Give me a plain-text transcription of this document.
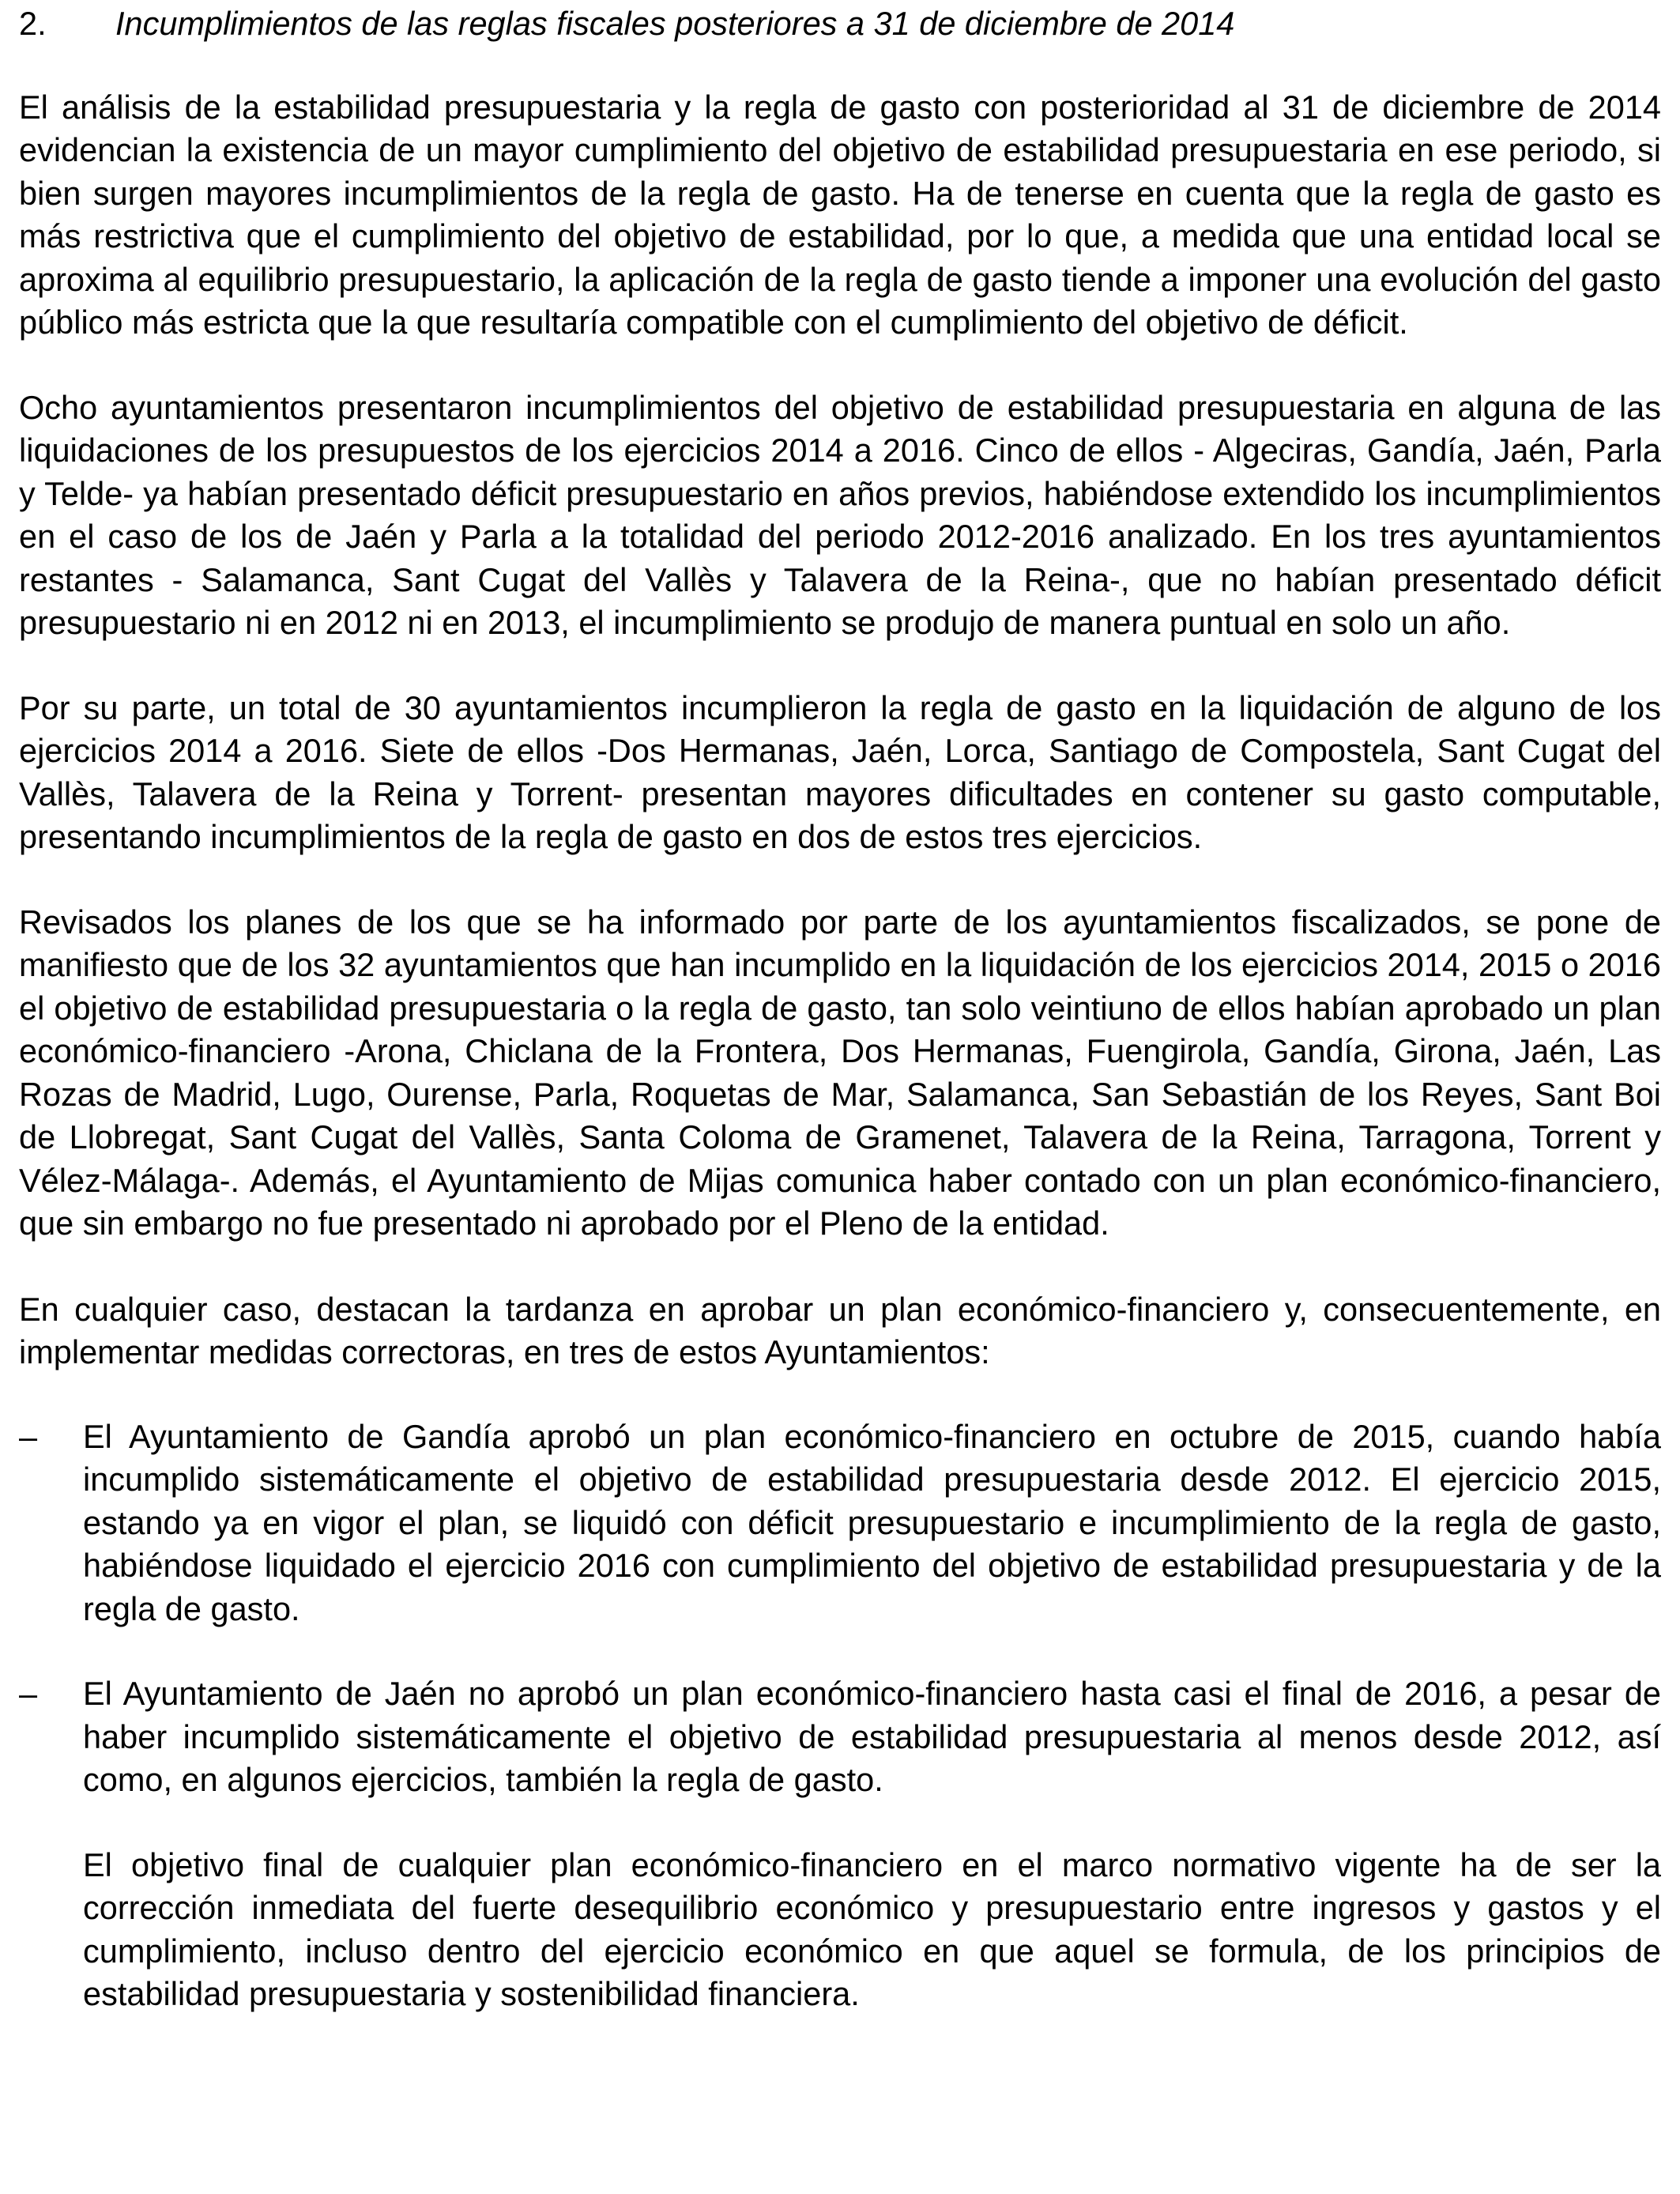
2.	Incumplimientos de las reglas fiscales posteriores a 31 de diciembre de 2014

El análisis de la estabilidad presupuestaria y la regla de gasto con posterioridad al 31 de diciembre de 2014 evidencian la existencia de un mayor cumplimiento del objetivo de estabilidad presupuestaria en ese periodo, si bien surgen mayores incumplimientos de la regla de gasto. Ha de tenerse en cuenta que la regla de gasto es más restrictiva que el cumplimiento del objetivo de estabilidad, por lo que, a medida que una entidad local se aproxima al equilibrio presupuestario, la aplicación de la regla de gasto tiende a imponer una evolución del gasto público más estricta que la que resultaría compatible con el cumplimiento del objetivo de déficit.

Ocho ayuntamientos presentaron incumplimientos del objetivo de estabilidad presupuestaria en alguna de las liquidaciones de los presupuestos de los ejercicios 2014 a 2016. Cinco de ellos - Algeciras, Gandía, Jaén, Parla y Telde- ya habían presentado déficit presupuestario en años previos, habiéndose extendido los incumplimientos en el caso de los de Jaén y Parla a la totalidad del periodo 2012-2016 analizado. En los tres ayuntamientos restantes - Salamanca, Sant Cugat del Vallès y Talavera de la Reina-, que no habían presentado déficit presupuestario ni en 2012 ni en 2013, el incumplimiento se produjo de manera puntual en solo un año.

Por su parte, un total de 30 ayuntamientos incumplieron la regla de gasto en la liquidación de alguno de los ejercicios 2014 a 2016. Siete de ellos -Dos Hermanas, Jaén, Lorca, Santiago de Compostela, Sant Cugat del Vallès, Talavera de la Reina y Torrent- presentan mayores dificultades en contener su gasto computable, presentando incumplimientos de la regla de gasto en dos de estos tres ejercicios.

Revisados los planes de los que se ha informado por parte de los ayuntamientos fiscalizados, se pone de manifiesto que de los 32 ayuntamientos que han incumplido en la liquidación de los ejercicios 2014, 2015 o 2016 el objetivo de estabilidad presupuestaria o la regla de gasto, tan solo veintiuno de ellos habían aprobado un plan económico-financiero -Arona, Chiclana de la Frontera, Dos Hermanas, Fuengirola, Gandía, Girona, Jaén, Las Rozas de Madrid, Lugo, Ourense, Parla, Roquetas de Mar, Salamanca, San Sebastián de los Reyes, Sant Boi de Llobregat, Sant Cugat del Vallès, Santa Coloma de Gramenet, Talavera de la Reina, Tarragona, Torrent y Vélez-Málaga-. Además, el Ayuntamiento de Mijas comunica haber contado con un plan económico-financiero, que sin embargo no fue presentado ni aprobado por el Pleno de la entidad.

En cualquier caso, destacan la tardanza en aprobar un plan económico-financiero y, consecuentemente, en implementar medidas correctoras, en tres de estos Ayuntamientos:

–	El Ayuntamiento de Gandía aprobó un plan económico-financiero en octubre de 2015, cuando había incumplido sistemáticamente el objetivo de estabilidad presupuestaria desde 2012. El ejercicio 2015, estando ya en vigor el plan, se liquidó con déficit presupuestario e incumplimiento de la regla de gasto, habiéndose liquidado el ejercicio 2016 con cumplimiento del objetivo de estabilidad presupuestaria y de la regla de gasto.
–	El Ayuntamiento de Jaén no aprobó un plan económico-financiero hasta casi el final de 2016, a pesar de haber incumplido sistemáticamente el objetivo de estabilidad presupuestaria al menos desde 2012, así como, en algunos ejercicios, también la regla de gasto.

El objetivo final de cualquier plan económico-financiero en el marco normativo vigente ha de ser la corrección inmediata del fuerte desequilibrio económico y presupuestario entre ingresos y gastos y el cumplimiento, incluso dentro del ejercicio económico en que aquel se formula, de los principios de estabilidad presupuestaria y sostenibilidad financiera.
